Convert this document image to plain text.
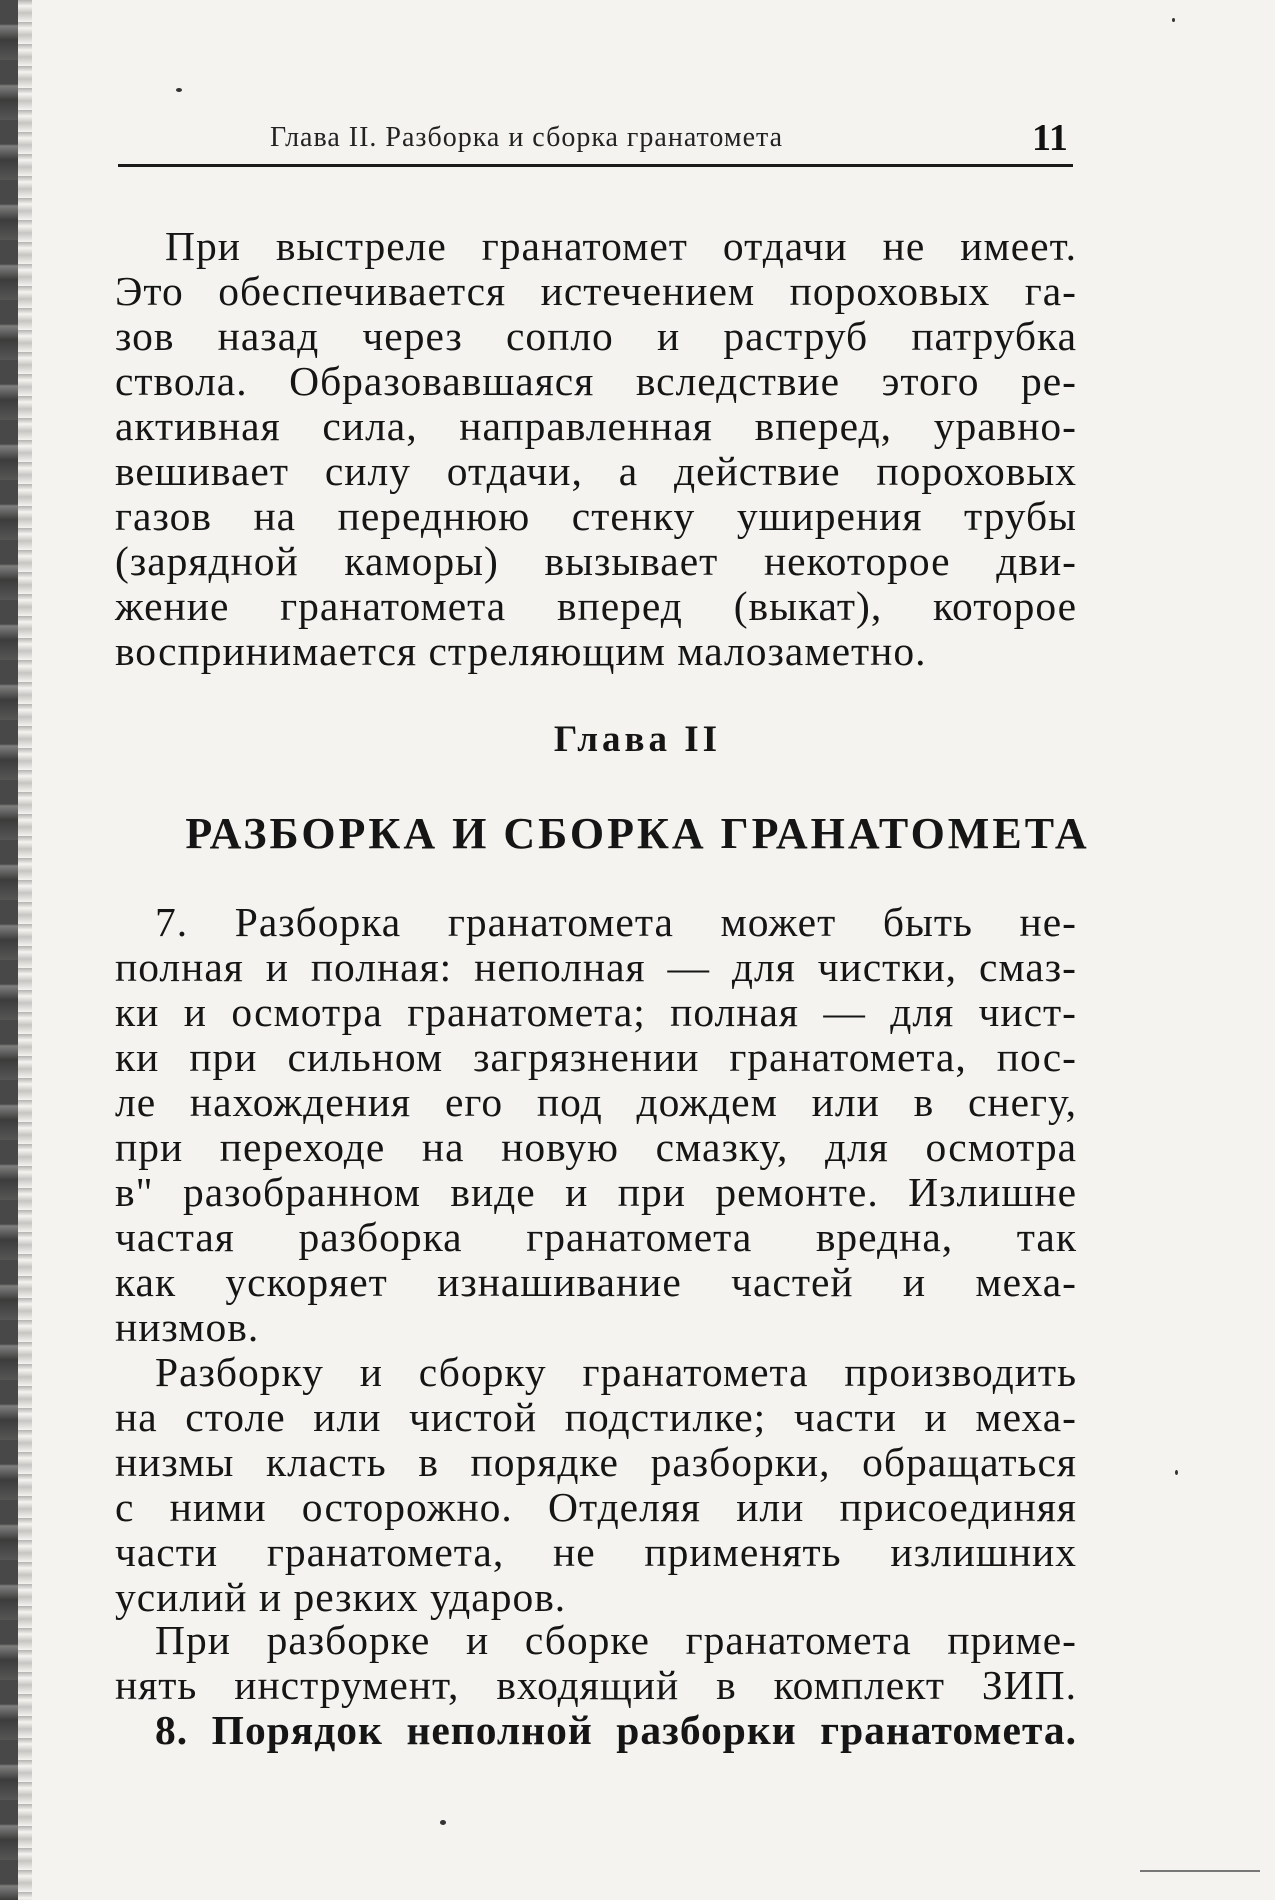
Глава II. Разборка и сборка гранатомета	11
При выстреле гранатомет отдачи не имеет.
Это обеспечивается истечением пороховых га-
зов назад через сопло и раструб патрубка
ствола. Образовавшаяся вследствие этого ре-
активная сила, направленная вперед, уравно-
вешивает силу отдачи, а действие пороховых
газов на переднюю стенку уширения трубы
(зарядной каморы) вызывает некоторое дви-
жение гранатомета вперед (выкат), которое
воспринимается стреляющим малозаметно.
Глава II
РАЗБОРКА И СБОРКА ГРАНАТОМЕТА
7. Разборка гранатомета может быть не-
полная и полная: неполная — для чистки, смаз-
ки и осмотра гранатомета; полная — для чист-
ки при сильном загрязнении гранатомета, пос-
ле нахождения его под дождем или в снегу,
при переходе на новую смазку, для осмотра
в" разобранном виде и при ремонте. Излишне
частая разборка гранатомета вредна, так
как ускоряет изнашивание частей и меха-
низмов.
Разборку и сборку гранатомета производить
на столе или чистой подстилке; части и меха-
низмы класть в порядке разборки, обращаться
с ними осторожно. Отделяя или присоединяя
части гранатомета, не применять излишних
усилий и резких ударов.
При разборке и сборке гранатомета приме-
нять инструмент, входящий в комплект ЗИП.
8. Порядок неполной разборки гранатомета.
